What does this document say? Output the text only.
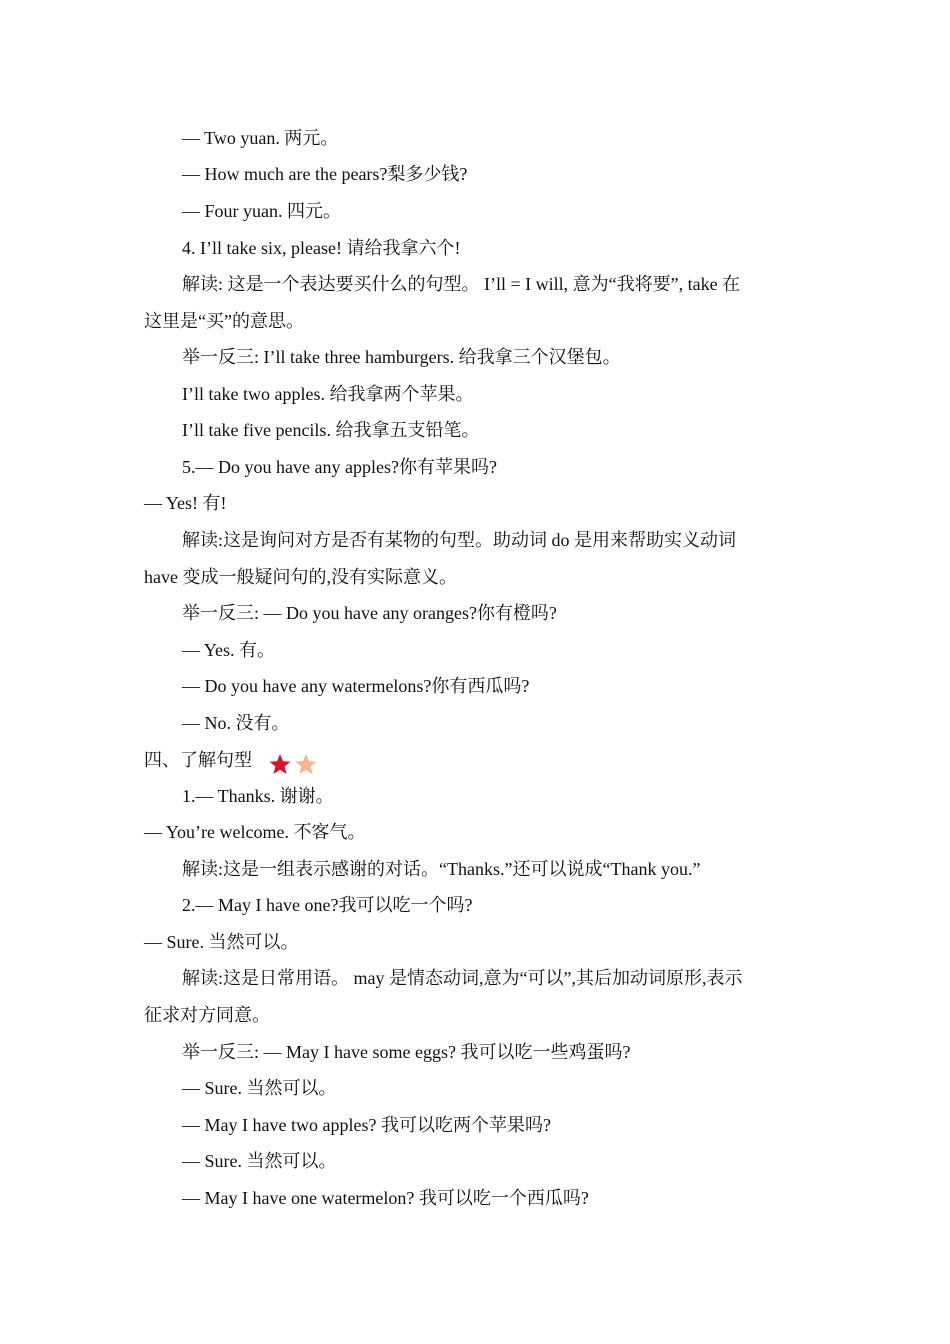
— Two yuan. 两元。
— How much are the pears?梨多少钱?
— Four yuan. 四元。
4. I’ll take six, please! 请给我拿六个!
解读: 这是一个表达要买什么的句型。 I’ll = I will, 意为“我将要”, take 在
这里是“买”的意思。
举一反三: I’ll take three hamburgers. 给我拿三个汉堡包。
I’ll take two apples. 给我拿两个苹果。
I’ll take five pencils. 给我拿五支铅笔。
5.— Do you have any apples?你有苹果吗?
— Yes! 有!
解读:这是询问对方是否有某物的句型。助动词 do 是用来帮助实义动词
have 变成一般疑问句的,没有实际意义。
举一反三: — Do you have any oranges?你有橙吗?
— Yes. 有。
— Do you have any watermelons?你有西瓜吗?
— No. 没有。
四、了解句型
1.— Thanks. 谢谢。
— You’re welcome. 不客气。
解读:这是一组表示感谢的对话。“Thanks.”还可以说成“Thank you.”
2.— May I have one?我可以吃一个吗?
— Sure. 当然可以。
解读:这是日常用语。 may 是情态动词,意为“可以”,其后加动词原形,表示
征求对方同意。
举一反三: — May I have some eggs? 我可以吃一些鸡蛋吗?
— Sure. 当然可以。
— May I have two apples? 我可以吃两个苹果吗?
— Sure. 当然可以。
— May I have one watermelon? 我可以吃一个西瓜吗?
